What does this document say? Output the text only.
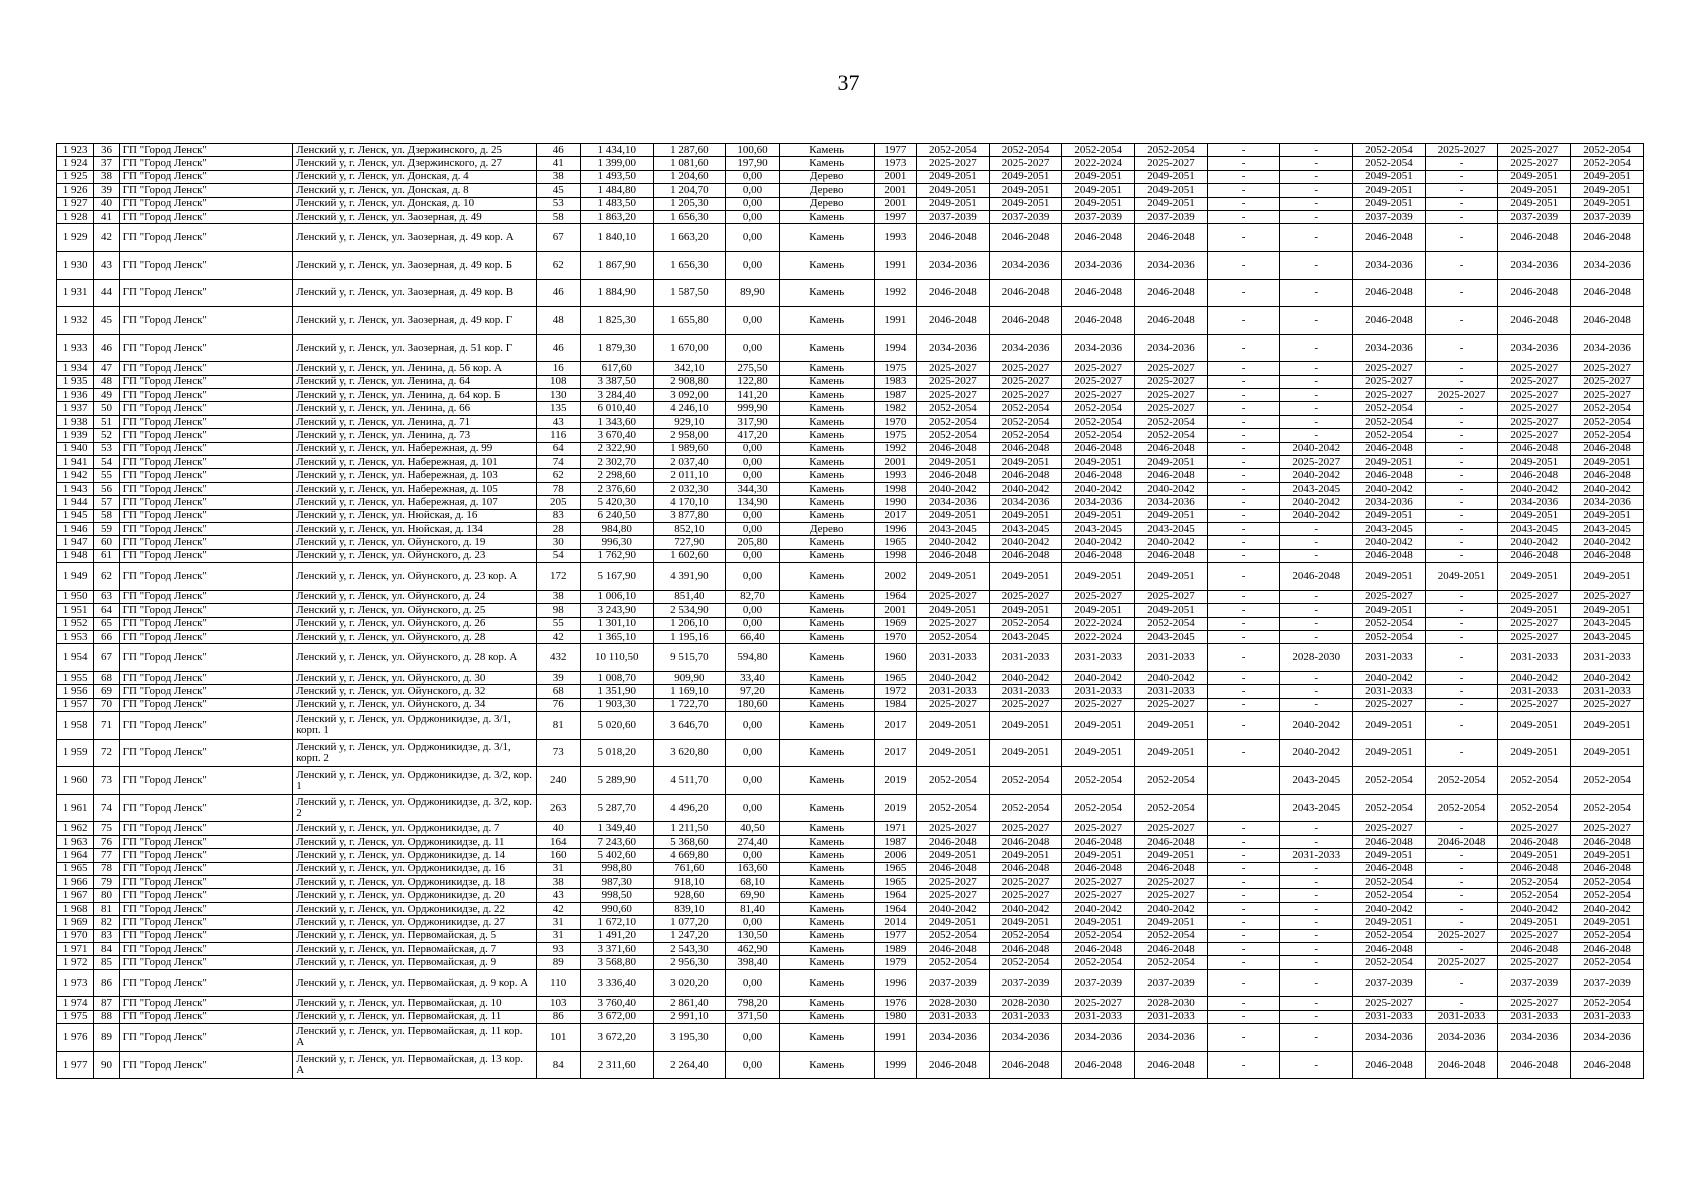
37
1 923	36	ГП "Город Ленск"	Ленский у, г. Ленск, ул. Дзержинского, д. 25	46	1 434,10	1 287,60	100,60	Камень	1977	2052-2054	2052-2054	2052-2054	2052-2054	-	-	2052-2054	2025-2027	2025-2027	2052-2054
1 924	37	ГП "Город Ленск"	Ленский у, г. Ленск, ул. Дзержинского, д. 27	41	1 399,00	1 081,60	197,90	Камень	1973	2025-2027	2025-2027	2022-2024	2025-2027	-	-	2052-2054	-	2025-2027	2052-2054
1 925	38	ГП "Город Ленск"	Ленский у, г. Ленск, ул. Донская, д. 4	38	1 493,50	1 204,60	0,00	Дерево	2001	2049-2051	2049-2051	2049-2051	2049-2051	-	-	2049-2051	-	2049-2051	2049-2051
1 926	39	ГП "Город Ленск"	Ленский у, г. Ленск, ул. Донская, д. 8	45	1 484,80	1 204,70	0,00	Дерево	2001	2049-2051	2049-2051	2049-2051	2049-2051	-	-	2049-2051	-	2049-2051	2049-2051
1 927	40	ГП "Город Ленск"	Ленский у, г. Ленск, ул. Донская, д. 10	53	1 483,50	1 205,30	0,00	Дерево	2001	2049-2051	2049-2051	2049-2051	2049-2051	-	-	2049-2051	-	2049-2051	2049-2051
1 928	41	ГП "Город Ленск"	Ленский у, г. Ленск, ул. Заозерная, д. 49	58	1 863,20	1 656,30	0,00	Камень	1997	2037-2039	2037-2039	2037-2039	2037-2039	-	-	2037-2039	-	2037-2039	2037-2039
1 929	42	ГП "Город Ленск"	Ленский у, г. Ленск, ул. Заозерная, д. 49 кор. А	67	1 840,10	1 663,20	0,00	Камень	1993	2046-2048	2046-2048	2046-2048	2046-2048	-	-	2046-2048	-	2046-2048	2046-2048
1 930	43	ГП "Город Ленск"	Ленский у, г. Ленск, ул. Заозерная, д. 49 кор. Б	62	1 867,90	1 656,30	0,00	Камень	1991	2034-2036	2034-2036	2034-2036	2034-2036	-	-	2034-2036	-	2034-2036	2034-2036
1 931	44	ГП "Город Ленск"	Ленский у, г. Ленск, ул. Заозерная, д. 49 кор. В	46	1 884,90	1 587,50	89,90	Камень	1992	2046-2048	2046-2048	2046-2048	2046-2048	-	-	2046-2048	-	2046-2048	2046-2048
1 932	45	ГП "Город Ленск"	Ленский у, г. Ленск, ул. Заозерная, д. 49 кор. Г	48	1 825,30	1 655,80	0,00	Камень	1991	2046-2048	2046-2048	2046-2048	2046-2048	-	-	2046-2048	-	2046-2048	2046-2048
1 933	46	ГП "Город Ленск"	Ленский у, г. Ленск, ул. Заозерная, д. 51 кор. Г	46	1 879,30	1 670,00	0,00	Камень	1994	2034-2036	2034-2036	2034-2036	2034-2036	-	-	2034-2036	-	2034-2036	2034-2036
1 934	47	ГП "Город Ленск"	Ленский у, г. Ленск, ул. Ленина, д. 56 кор. А	16	617,60	342,10	275,50	Камень	1975	2025-2027	2025-2027	2025-2027	2025-2027	-	-	2025-2027	-	2025-2027	2025-2027
1 935	48	ГП "Город Ленск"	Ленский у, г. Ленск, ул. Ленина, д. 64	108	3 387,50	2 908,80	122,80	Камень	1983	2025-2027	2025-2027	2025-2027	2025-2027	-	-	2025-2027	-	2025-2027	2025-2027
1 936	49	ГП "Город Ленск"	Ленский у, г. Ленск, ул. Ленина, д. 64 кор. Б	130	3 284,40	3 092,00	141,20	Камень	1987	2025-2027	2025-2027	2025-2027	2025-2027	-	-	2025-2027	2025-2027	2025-2027	2025-2027
1 937	50	ГП "Город Ленск"	Ленский у, г. Ленск, ул. Ленина, д. 66	135	6 010,40	4 246,10	999,90	Камень	1982	2052-2054	2052-2054	2052-2054	2025-2027	-	-	2052-2054	-	2025-2027	2052-2054
1 938	51	ГП "Город Ленск"	Ленский у, г. Ленск, ул. Ленина, д. 71	43	1 343,60	929,10	317,90	Камень	1970	2052-2054	2052-2054	2052-2054	2052-2054	-	-	2052-2054	-	2025-2027	2052-2054
1 939	52	ГП "Город Ленск"	Ленский у, г. Ленск, ул. Ленина, д. 73	116	3 670,40	2 958,00	417,20	Камень	1975	2052-2054	2052-2054	2052-2054	2052-2054	-	-	2052-2054	-	2025-2027	2052-2054
1 940	53	ГП "Город Ленск"	Ленский у, г. Ленск, ул. Набережная, д. 99	64	2 322,90	1 989,60	0,00	Камень	1992	2046-2048	2046-2048	2046-2048	2046-2048	-	2040-2042	2046-2048	-	2046-2048	2046-2048
1 941	54	ГП "Город Ленск"	Ленский у, г. Ленск, ул. Набережная, д. 101	74	2 302,70	2 037,40	0,00	Камень	2001	2049-2051	2049-2051	2049-2051	2049-2051	-	2025-2027	2049-2051	-	2049-2051	2049-2051
1 942	55	ГП "Город Ленск"	Ленский у, г. Ленск, ул. Набережная, д. 103	62	2 298,60	2 011,10	0,00	Камень	1993	2046-2048	2046-2048	2046-2048	2046-2048	-	2040-2042	2046-2048	-	2046-2048	2046-2048
1 943	56	ГП "Город Ленск"	Ленский у, г. Ленск, ул. Набережная, д. 105	78	2 376,60	2 032,30	344,30	Камень	1998	2040-2042	2040-2042	2040-2042	2040-2042	-	2043-2045	2040-2042	-	2040-2042	2040-2042
1 944	57	ГП "Город Ленск"	Ленский у, г. Ленск, ул. Набережная, д. 107	205	5 420,30	4 170,10	134,90	Камень	1990	2034-2036	2034-2036	2034-2036	2034-2036	-	2040-2042	2034-2036	-	2034-2036	2034-2036
1 945	58	ГП "Город Ленск"	Ленский у, г. Ленск, ул. Нюйская, д. 16	83	6 240,50	3 877,80	0,00	Камень	2017	2049-2051	2049-2051	2049-2051	2049-2051	-	2040-2042	2049-2051	-	2049-2051	2049-2051
1 946	59	ГП "Город Ленск"	Ленский у, г. Ленск, ул. Нюйская, д. 134	28	984,80	852,10	0,00	Дерево	1996	2043-2045	2043-2045	2043-2045	2043-2045	-	-	2043-2045	-	2043-2045	2043-2045
1 947	60	ГП "Город Ленск"	Ленский у, г. Ленск, ул. Ойунского, д. 19	30	996,30	727,90	205,80	Камень	1965	2040-2042	2040-2042	2040-2042	2040-2042	-	-	2040-2042	-	2040-2042	2040-2042
1 948	61	ГП "Город Ленск"	Ленский у, г. Ленск, ул. Ойунского, д. 23	54	1 762,90	1 602,60	0,00	Камень	1998	2046-2048	2046-2048	2046-2048	2046-2048	-	-	2046-2048	-	2046-2048	2046-2048
1 949	62	ГП "Город Ленск"	Ленский у, г. Ленск, ул. Ойунского, д. 23 кор. А	172	5 167,90	4 391,90	0,00	Камень	2002	2049-2051	2049-2051	2049-2051	2049-2051	-	2046-2048	2049-2051	2049-2051	2049-2051	2049-2051
1 950	63	ГП "Город Ленск"	Ленский у, г. Ленск, ул. Ойунского, д. 24	38	1 006,10	851,40	82,70	Камень	1964	2025-2027	2025-2027	2025-2027	2025-2027	-	-	2025-2027	-	2025-2027	2025-2027
1 951	64	ГП "Город Ленск"	Ленский у, г. Ленск, ул. Ойунского, д. 25	98	3 243,90	2 534,90	0,00	Камень	2001	2049-2051	2049-2051	2049-2051	2049-2051	-	-	2049-2051	-	2049-2051	2049-2051
1 952	65	ГП "Город Ленск"	Ленский у, г. Ленск, ул. Ойунского, д. 26	55	1 301,10	1 206,10	0,00	Камень	1969	2025-2027	2052-2054	2022-2024	2052-2054	-	-	2052-2054	-	2025-2027	2043-2045
1 953	66	ГП "Город Ленск"	Ленский у, г. Ленск, ул. Ойунского, д. 28	42	1 365,10	1 195,16	66,40	Камень	1970	2052-2054	2043-2045	2022-2024	2043-2045	-	-	2052-2054	-	2025-2027	2043-2045
1 954	67	ГП "Город Ленск"	Ленский у, г. Ленск, ул. Ойунского, д. 28 кор. А	432	10 110,50	9 515,70	594,80	Камень	1960	2031-2033	2031-2033	2031-2033	2031-2033	-	2028-2030	2031-2033	-	2031-2033	2031-2033
1 955	68	ГП "Город Ленск"	Ленский у, г. Ленск, ул. Ойунского, д. 30	39	1 008,70	909,90	33,40	Камень	1965	2040-2042	2040-2042	2040-2042	2040-2042	-	-	2040-2042	-	2040-2042	2040-2042
1 956	69	ГП "Город Ленск"	Ленский у, г. Ленск, ул. Ойунского, д. 32	68	1 351,90	1 169,10	97,20	Камень	1972	2031-2033	2031-2033	2031-2033	2031-2033	-	-	2031-2033	-	2031-2033	2031-2033
1 957	70	ГП "Город Ленск"	Ленский у, г. Ленск, ул. Ойунского, д. 34	76	1 903,30	1 722,70	180,60	Камень	1984	2025-2027	2025-2027	2025-2027	2025-2027	-	-	2025-2027	-	2025-2027	2025-2027
1 958	71	ГП "Город Ленск"	Ленский у, г. Ленск, ул. Орджоникидзе, д. 3/1, корп. 1	81	5 020,60	3 646,70	0,00	Камень	2017	2049-2051	2049-2051	2049-2051	2049-2051	-	2040-2042	2049-2051	-	2049-2051	2049-2051
1 959	72	ГП "Город Ленск"	Ленский у, г. Ленск, ул. Орджоникидзе, д. 3/1, корп. 2	73	5 018,20	3 620,80	0,00	Камень	2017	2049-2051	2049-2051	2049-2051	2049-2051	-	2040-2042	2049-2051	-	2049-2051	2049-2051
1 960	73	ГП "Город Ленск"	Ленский у, г. Ленск, ул. Орджоникидзе, д. 3/2, кор. 1	240	5 289,90	4 511,70	0,00	Камень	2019	2052-2054	2052-2054	2052-2054	2052-2054		2043-2045	2052-2054	2052-2054	2052-2054	2052-2054
1 961	74	ГП "Город Ленск"	Ленский у, г. Ленск, ул. Орджоникидзе, д. 3/2, кор. 2	263	5 287,70	4 496,20	0,00	Камень	2019	2052-2054	2052-2054	2052-2054	2052-2054		2043-2045	2052-2054	2052-2054	2052-2054	2052-2054
1 962	75	ГП "Город Ленск"	Ленский у, г. Ленск, ул. Орджоникидзе, д. 7	40	1 349,40	1 211,50	40,50	Камень	1971	2025-2027	2025-2027	2025-2027	2025-2027	-	-	2025-2027	-	2025-2027	2025-2027
1 963	76	ГП "Город Ленск"	Ленский у, г. Ленск, ул. Орджоникидзе, д. 11	164	7 243,60	5 368,60	274,40	Камень	1987	2046-2048	2046-2048	2046-2048	2046-2048	-	-	2046-2048	2046-2048	2046-2048	2046-2048
1 964	77	ГП "Город Ленск"	Ленский у, г. Ленск, ул. Орджоникидзе, д. 14	160	5 402,60	4 669,80	0,00	Камень	2006	2049-2051	2049-2051	2049-2051	2049-2051	-	2031-2033	2049-2051	-	2049-2051	2049-2051
1 965	78	ГП "Город Ленск"	Ленский у, г. Ленск, ул. Орджоникидзе, д. 16	31	998,80	761,60	163,60	Камень	1965	2046-2048	2046-2048	2046-2048	2046-2048	-	-	2046-2048	-	2046-2048	2046-2048
1 966	79	ГП "Город Ленск"	Ленский у, г. Ленск, ул. Орджоникидзе, д. 18	38	987,30	918,10	68,10	Камень	1965	2025-2027	2025-2027	2025-2027	2025-2027	-	-	2052-2054	-	2052-2054	2052-2054
1 967	80	ГП "Город Ленск"	Ленский у, г. Ленск, ул. Орджоникидзе, д. 20	43	998,50	928,60	69,90	Камень	1964	2025-2027	2025-2027	2025-2027	2025-2027	-	-	2052-2054	-	2052-2054	2052-2054
1 968	81	ГП "Город Ленск"	Ленский у, г. Ленск, ул. Орджоникидзе, д. 22	42	990,60	839,10	81,40	Камень	1964	2040-2042	2040-2042	2040-2042	2040-2042	-	-	2040-2042	-	2040-2042	2040-2042
1 969	82	ГП "Город Ленск"	Ленский у, г. Ленск, ул. Орджоникидзе, д. 27	31	1 672,10	1 077,20	0,00	Камень	2014	2049-2051	2049-2051	2049-2051	2049-2051	-	-	2049-2051	-	2049-2051	2049-2051
1 970	83	ГП "Город Ленск"	Ленский у, г. Ленск, ул. Первомайская, д. 5	31	1 491,20	1 247,20	130,50	Камень	1977	2052-2054	2052-2054	2052-2054	2052-2054	-	-	2052-2054	2025-2027	2025-2027	2052-2054
1 971	84	ГП "Город Ленск"	Ленский у, г. Ленск, ул. Первомайская, д. 7	93	3 371,60	2 543,30	462,90	Камень	1989	2046-2048	2046-2048	2046-2048	2046-2048	-	-	2046-2048	-	2046-2048	2046-2048
1 972	85	ГП "Город Ленск"	Ленский у, г. Ленск, ул. Первомайская, д. 9	89	3 568,80	2 956,30	398,40	Камень	1979	2052-2054	2052-2054	2052-2054	2052-2054	-	-	2052-2054	2025-2027	2025-2027	2052-2054
1 973	86	ГП "Город Ленск"	Ленский у, г. Ленск, ул. Первомайская, д. 9 кор. А	110	3 336,40	3 020,20	0,00	Камень	1996	2037-2039	2037-2039	2037-2039	2037-2039	-	-	2037-2039	-	2037-2039	2037-2039
1 974	87	ГП "Город Ленск"	Ленский у, г. Ленск, ул. Первомайская, д. 10	103	3 760,40	2 861,40	798,20	Камень	1976	2028-2030	2028-2030	2025-2027	2028-2030	-	-	2025-2027	-	2025-2027	2052-2054
1 975	88	ГП "Город Ленск"	Ленский у, г. Ленск, ул. Первомайская, д. 11	86	3 672,00	2 991,10	371,50	Камень	1980	2031-2033	2031-2033	2031-2033	2031-2033	-	-	2031-2033	2031-2033	2031-2033	2031-2033
1 976	89	ГП "Город Ленск"	Ленский у, г. Ленск, ул. Первомайская, д. 11 кор. А	101	3 672,20	3 195,30	0,00	Камень	1991	2034-2036	2034-2036	2034-2036	2034-2036	-	-	2034-2036	2034-2036	2034-2036	2034-2036
1 977	90	ГП "Город Ленск"	Ленский у, г. Ленск, ул. Первомайская, д. 13 кор. А	84	2 311,60	2 264,40	0,00	Камень	1999	2046-2048	2046-2048	2046-2048	2046-2048	-	-	2046-2048	2046-2048	2046-2048	2046-2048
